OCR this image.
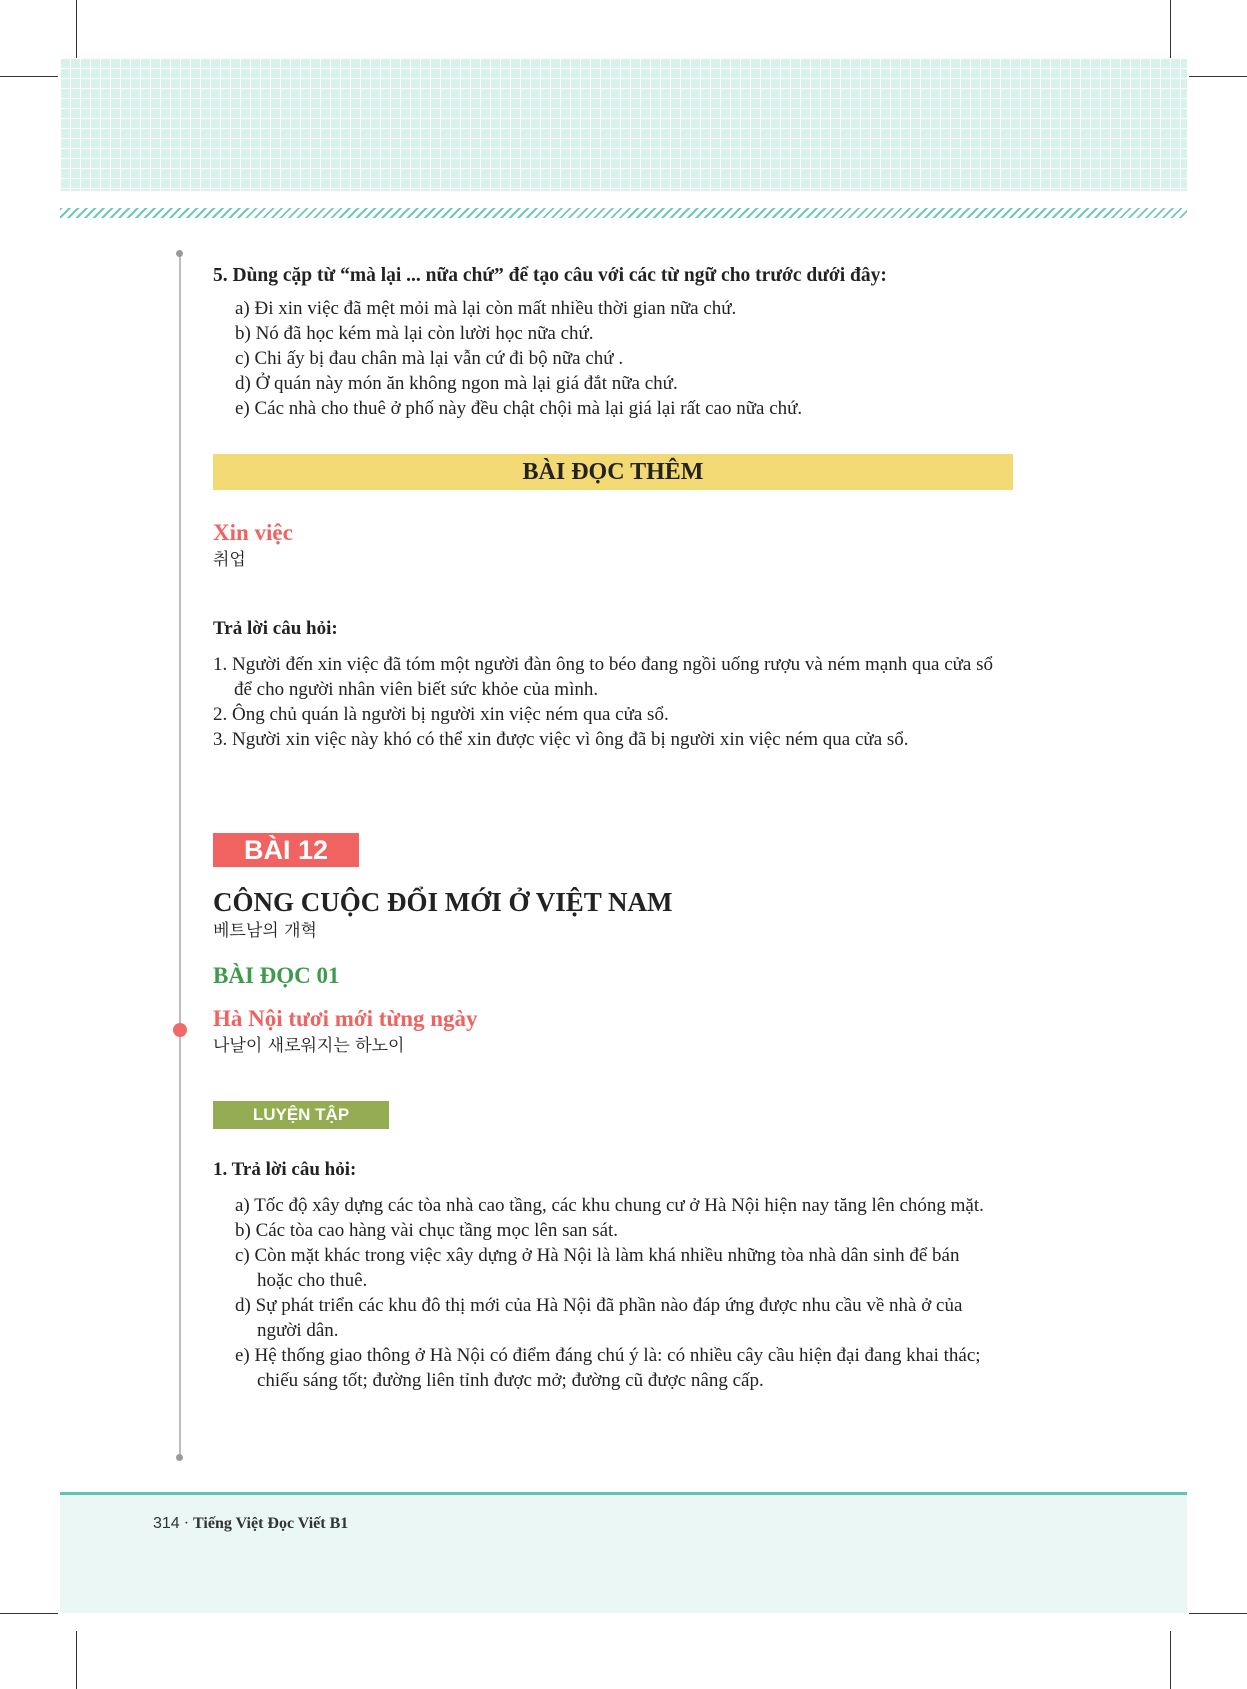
5. Dùng cặp từ “mà lại ... nữa chứ” để tạo câu với các từ ngữ cho trước dưới đây:

a) Đi xin việc đã mệt mỏi mà lại còn mất nhiều thời gian nữa chứ.
b) Nó đã học kém mà lại còn lười học nữa chứ.
c) Chi ấy bị đau chân mà lại vẫn cứ đi bộ nữa chứ .
d) Ở quán này món ăn không ngon mà lại giá đắt nữa chứ.
e) Các nhà cho thuê ở phố này đều chật chội mà lại giá lại rất cao nữa chứ.
BÀI ĐỌC THÊM
Xin việc
취업
Trả lời câu hỏi:
1. Người đến xin việc đã tóm một người đàn ông to béo đang ngồi uống rượu và ném mạnh qua cửa sổ để cho người nhân viên biết sức khỏe của mình.
2. Ông chủ quán là người bị người xin việc ném qua cửa sổ.
3. Người xin việc này khó có thể xin được việc vì ông đã bị người xin việc ném qua cửa sổ.
BÀI 12
CÔNG CUỘC ĐỔI MỚI Ở VIỆT NAM
베트남의 개혁
BÀI ĐỌC 01
Hà Nội tươi mới từng ngày
나날이 새로워지는 하노이
LUYỆN TẬP
1. Trả lời câu hỏi:
a) Tốc độ xây dựng các tòa nhà cao tầng, các khu chung cư ở Hà Nội hiện nay tăng lên chóng mặt.
b) Các tòa cao hàng vài chục tầng mọc lên san sát.
c) Còn mặt khác trong việc xây dựng ở Hà Nội là làm khá nhiều những tòa nhà dân sinh để bán hoặc cho thuê.
d) Sự phát triển các khu đô thị mới của Hà Nội đã phần nào đáp ứng được nhu cầu về nhà ở của người dân.
e) Hệ thống giao thông ở Hà Nội có điểm đáng chú ý là: có nhiều cây cầu hiện đại đang khai thác; chiếu sáng tốt; đường liên tỉnh được mở; đường cũ được nâng cấp.
314 · Tiếng Việt Đọc Viết B1
